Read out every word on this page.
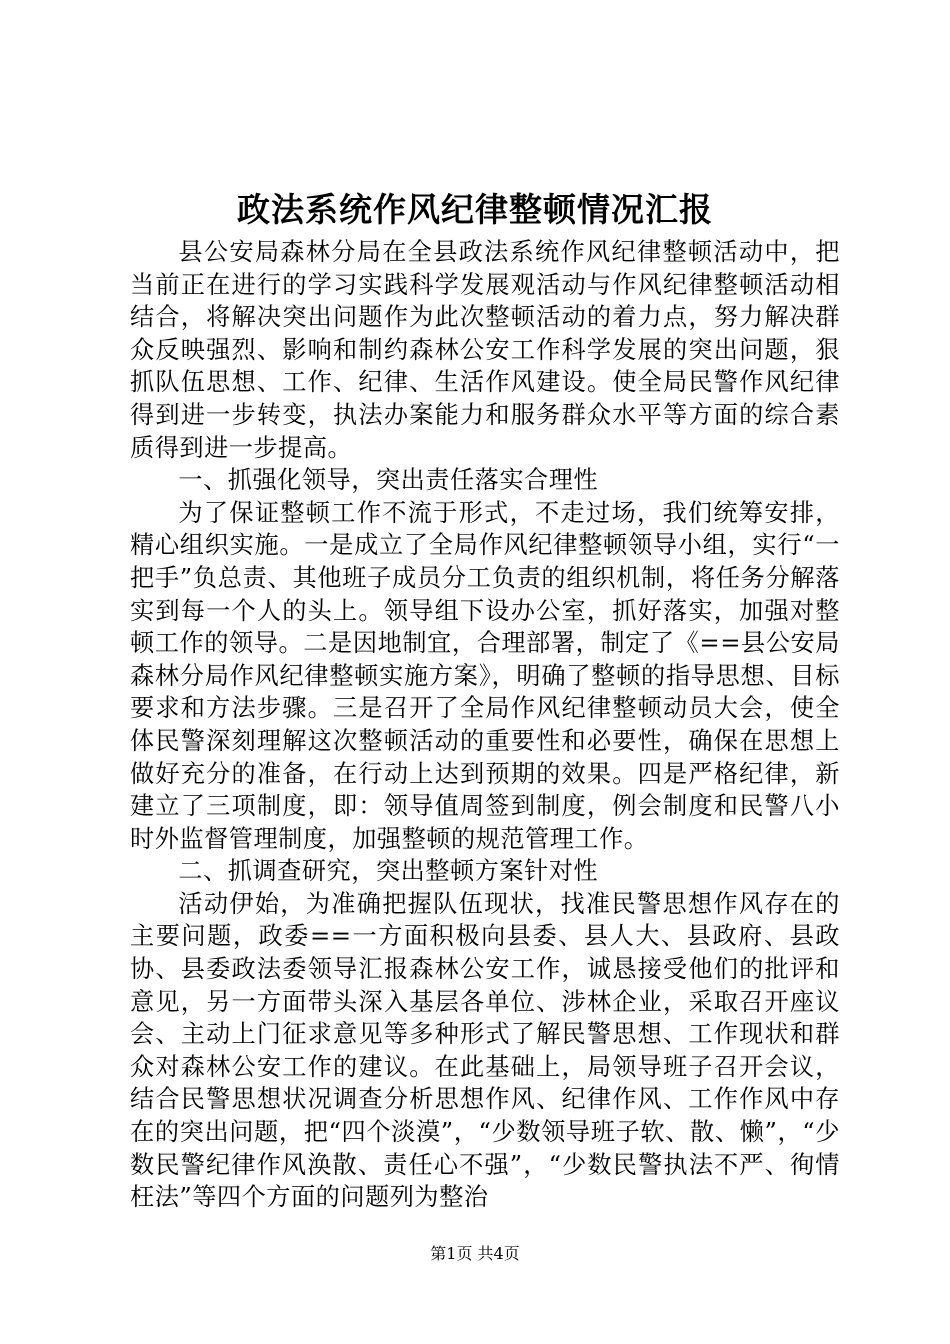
政法系统作风纪律整顿情况汇报

县公安局森林分局在全县政法系统作风纪律整顿活动中，把当前正在进行的学习实践科学发展观活动与作风纪律整顿活动相结合，将解决突出问题作为此次整顿活动的着力点，努力解决群众反映强烈、影响和制约森林公安工作科学发展的突出问题，狠抓队伍思想、工作、纪律、生活作风建设。使全局民警作风纪律得到进一步转变，执法办案能力和服务群众水平等方面的综合素质得到进一步提高。

一、抓强化领导，突出责任落实合理性

为了保证整顿工作不流于形式，不走过场，我们统筹安排，精心组织实施。一是成立了全局作风纪律整顿领导小组，实行“一把手”负总责、其他班子成员分工负责的组织机制，将任务分解落实到每一个人的头上。领导组下设办公室，抓好落实，加强对整顿工作的领导。二是因地制宜，合理部署，制定了《==县公安局森林分局作风纪律整顿实施方案》，明确了整顿的指导思想、目标要求和方法步骤。三是召开了全局作风纪律整顿动员大会，使全体民警深刻理解这次整顿活动的重要性和必要性，确保在思想上做好充分的准备，在行动上达到预期的效果。四是严格纪律，新建立了三项制度，即：领导值周签到制度，例会制度和民警八小时外监督管理制度，加强整顿的规范管理工作。

二、抓调查研究，突出整顿方案针对性

活动伊始，为准确把握队伍现状，找准民警思想作风存在的主要问题，政委==一方面积极向县委、县人大、县政府、县政协、县委政法委领导汇报森林公安工作，诚恳接受他们的批评和意见，另一方面带头深入基层各单位、涉林企业，采取召开座议会、主动上门征求意见等多种形式了解民警思想、工作现状和群众对森林公安工作的建议。在此基础上，局领导班子召开会议，结合民警思想状况调查分析思想作风、纪律作风、工作作风中存在的突出问题，把“四个淡漠”，“少数领导班子软、散、懒”，“少数民警纪律作风涣散、责任心不强”，“少数民警执法不严、徇情枉法”等四个方面的问题列为整治

第1页 共4页
